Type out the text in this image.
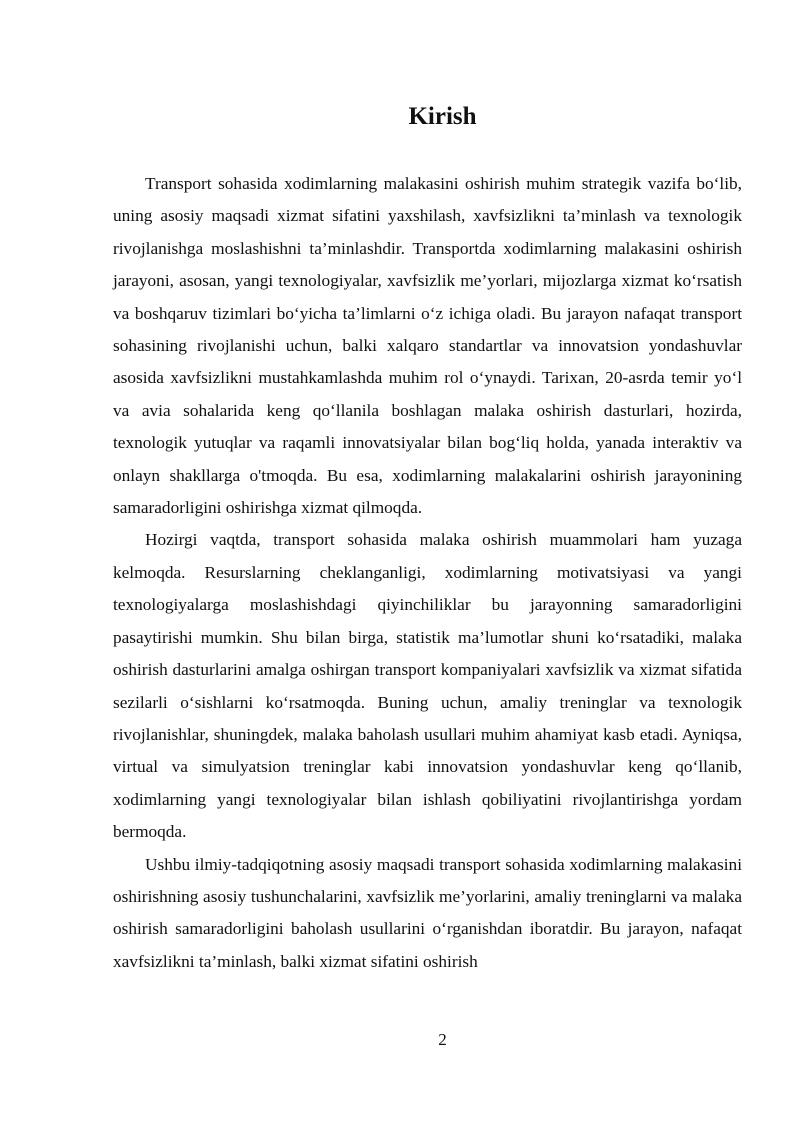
Kirish

Transport sohasida xodimlarning malakasini oshirish muhim strategik vazifa bo‘lib, uning asosiy maqsadi xizmat sifatini yaxshilash, xavfsizlikni ta’minlash va texnologik rivojlanishga moslashishni ta’minlashdir. Transportda xodimlarning malakasini oshirish jarayoni, asosan, yangi texnologiyalar, xavfsizlik me’yorlari, mijozlarga xizmat ko‘rsatish va boshqaruv tizimlari bo‘yicha ta’limlarni o‘z ichiga oladi. Bu jarayon nafaqat transport sohasining rivojlanishi uchun, balki xalqaro standartlar va innovatsion yondashuvlar asosida xavfsizlikni mustahkamlashda muhim rol o‘ynaydi. Tarixan, 20-asrda temir yo‘l va avia sohalarida keng qo‘llanila boshlagan malaka oshirish dasturlari, hozirda, texnologik yutuqlar va raqamli innovatsiyalar bilan bog‘liq holda, yanada interaktiv va onlayn shakllarga o'tmoqda. Bu esa, xodimlarning malakalarini oshirish jarayonining samaradorligini oshirishga xizmat qilmoqda.

Hozirgi vaqtda, transport sohasida malaka oshirish muammolari ham yuzaga kelmoqda. Resurslarning cheklanganligi, xodimlarning motivatsiyasi va yangi texnologiyalarga moslashishdagi qiyinchiliklar bu jarayonning samaradorligini pasaytirishi mumkin. Shu bilan birga, statistik ma’lumotlar shuni ko‘rsatadiki, malaka oshirish dasturlarini amalga oshirgan transport kompaniyalari xavfsizlik va xizmat sifatida sezilarli o‘sishlarni ko‘rsatmoqda. Buning uchun, amaliy treninglar va texnologik rivojlanishlar, shuningdek, malaka baholash usullari muhim ahamiyat kasb etadi. Ayniqsa, virtual va simulyatsion treninglar kabi innovatsion yondashuvlar keng qo‘llanib, xodimlarning yangi texnologiyalar bilan ishlash qobiliyatini rivojlantirishga yordam bermoqda.

Ushbu ilmiy-tadqiqotning asosiy maqsadi transport sohasida xodimlarning malakasini oshirishning asosiy tushunchalarini, xavfsizlik me’yorlarini, amaliy treninglarni va malaka oshirish samaradorligini baholash usullarini o‘rganishdan iboratdir. Bu jarayon, nafaqat xavfsizlikni ta’minlash, balki xizmat sifatini oshirish

2
